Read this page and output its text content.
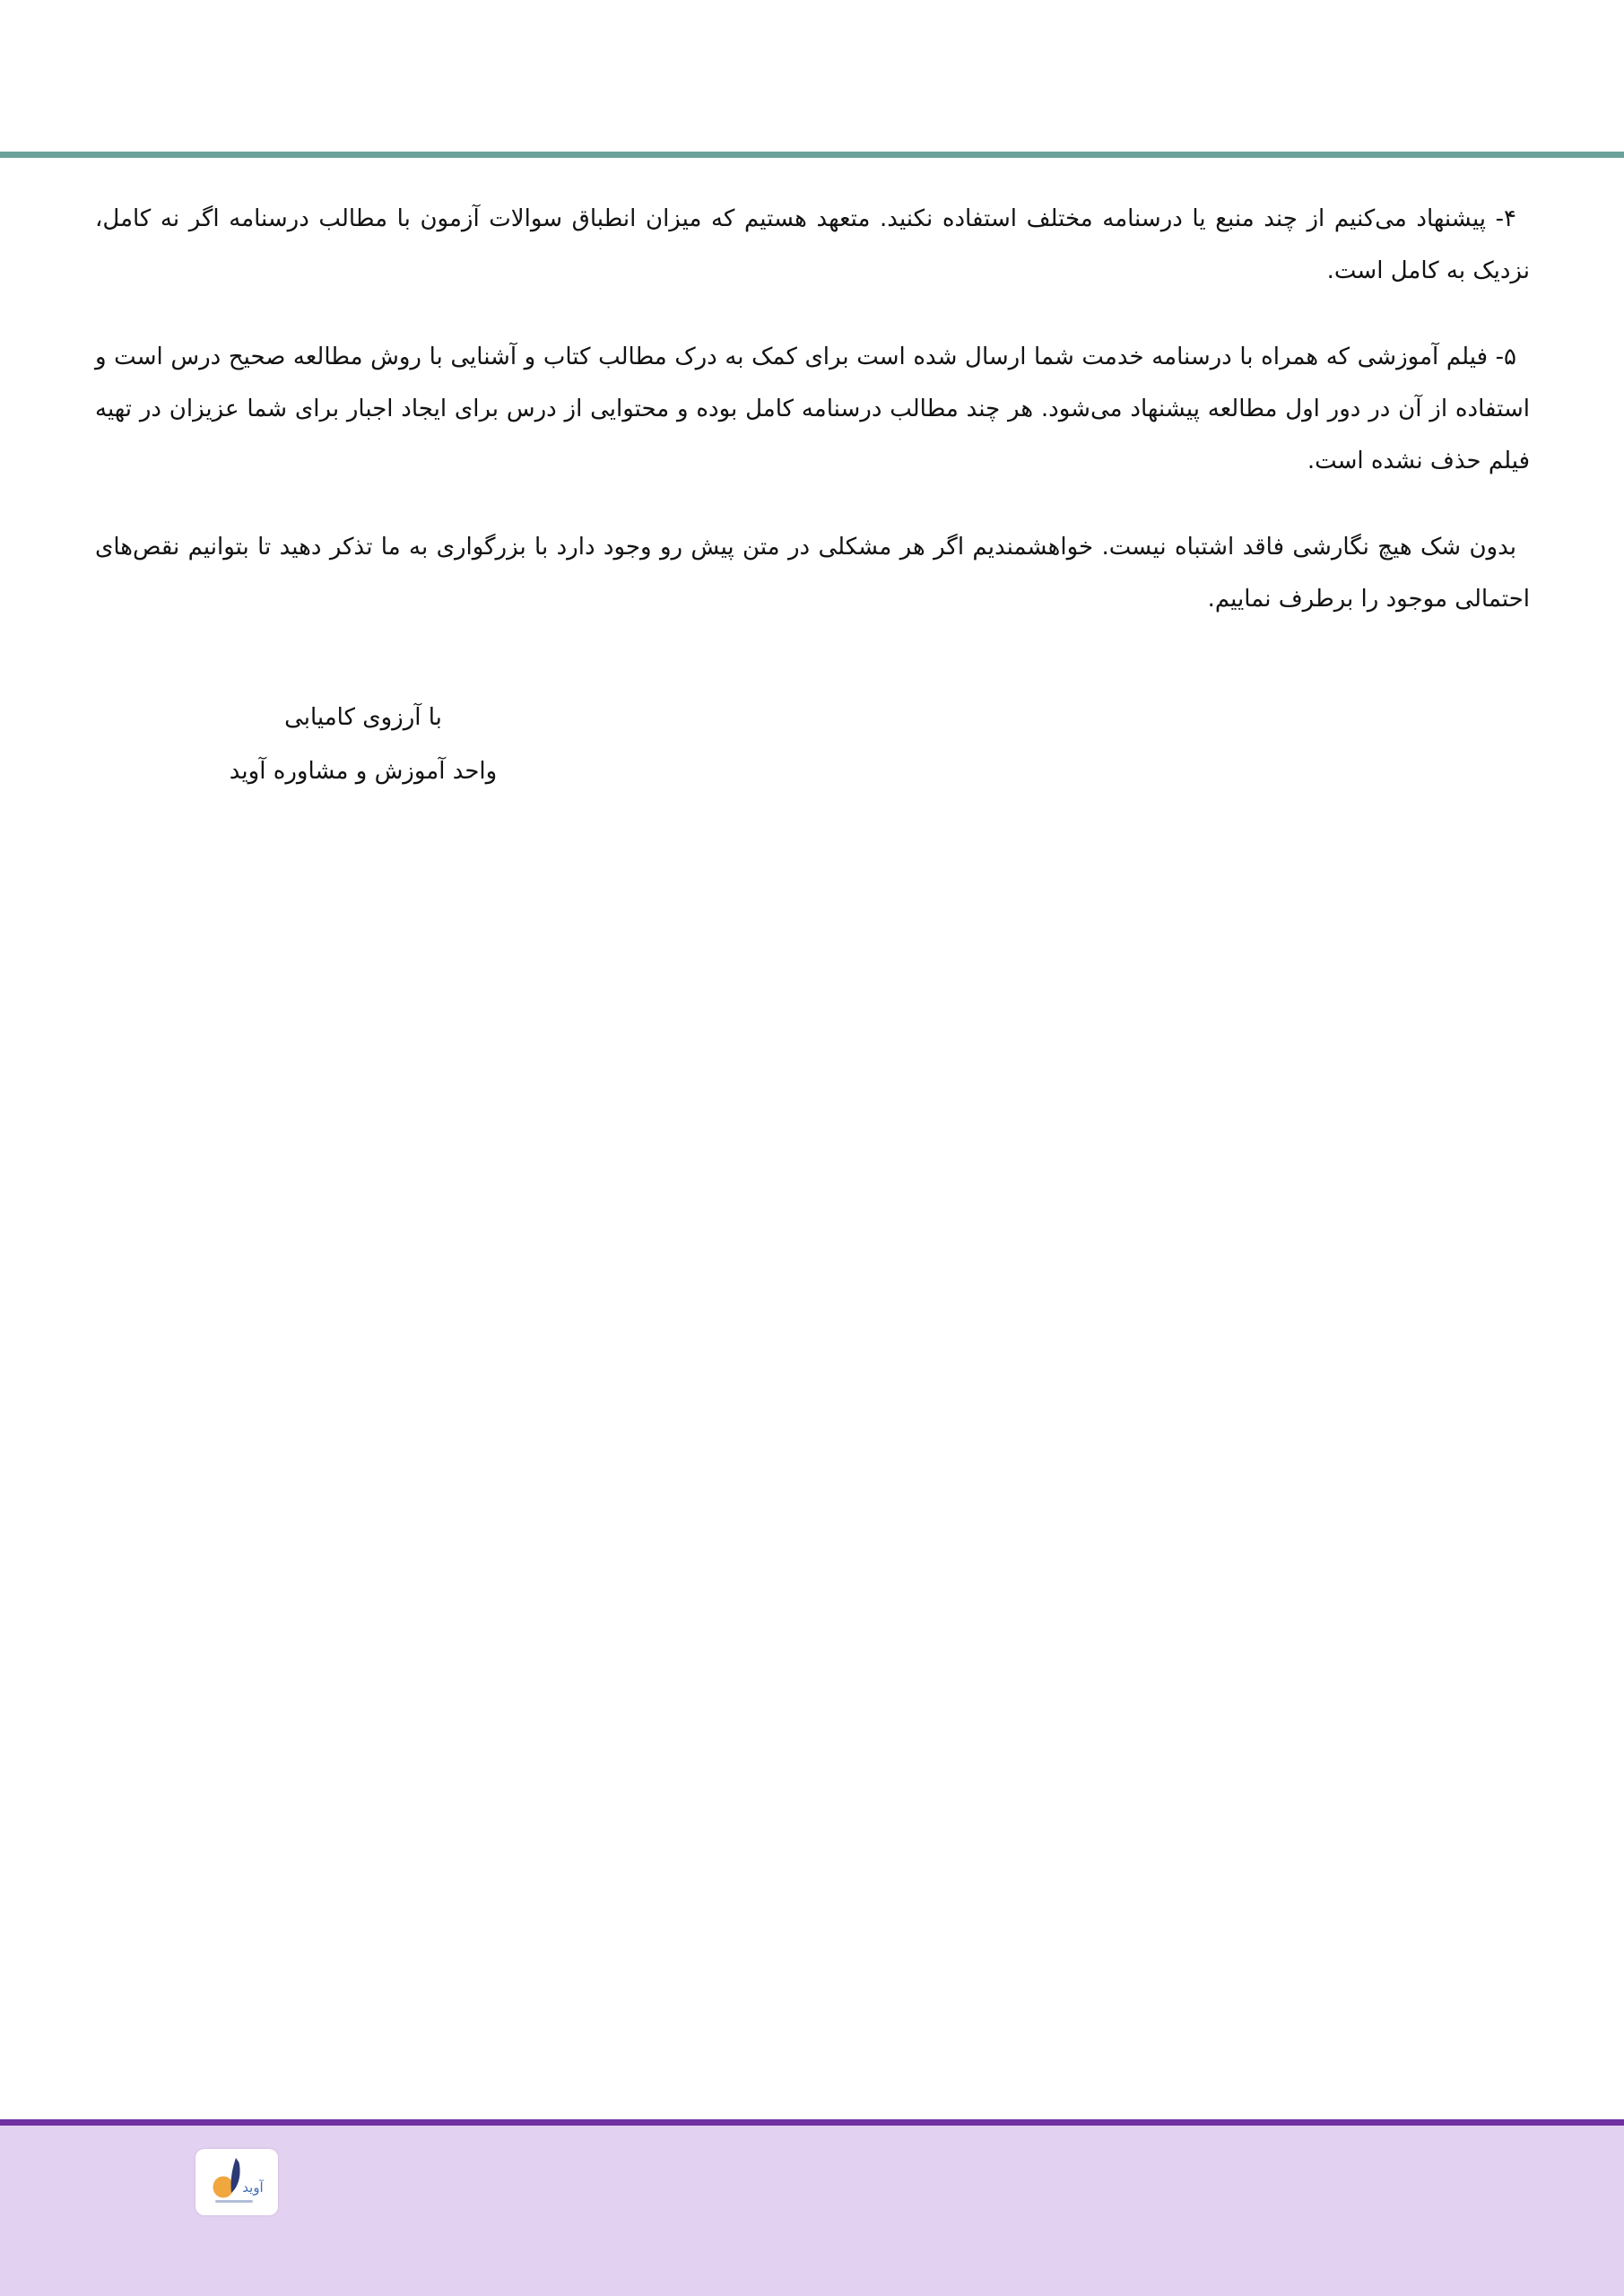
۴- پیشنهاد می‌کنیم از چند منبع یا درسنامه مختلف استفاده نکنید. متعهد هستیم که میزان انطباق سوالات آزمون با مطالب درسنامه اگر نه کامل، نزدیک به کامل است.

۵- فیلم آموزشی که همراه با درسنامه خدمت شما ارسال شده است برای کمک به درک مطالب کتاب و آشنایی با روش مطالعه صحیح درس است و استفاده از آن در دور اول مطالعه پیشنهاد می‌شود. هر چند مطالب درسنامه کامل بوده و محتوایی از درس برای ایجاد اجبار برای شما عزیزان در تهیه فیلم حذف نشده است.

بدون شک هیچ نگارشی فاقد اشتباه نیست. خواهشمندیم اگر هر مشکلی در متن پیش رو وجود دارد با بزرگواری به ما تذکر دهید تا بتوانیم نقص‌های احتمالی موجود را برطرف نماییم.

با آرزوی کامیابی
واحد آموزش و مشاوره آوید
آوید
